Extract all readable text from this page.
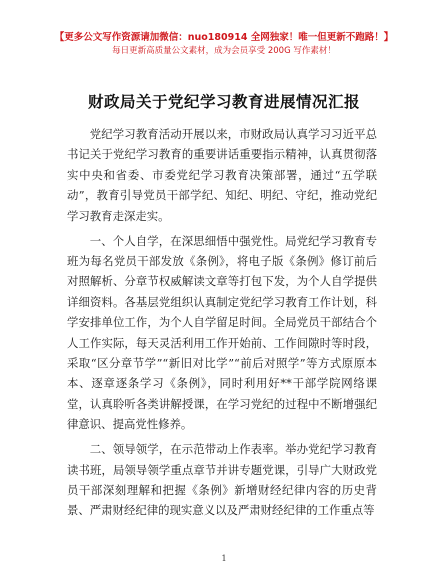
【更多公文写作资源请加微信：nuo180914 全网独家！唯一但更新不跑路！】
每日更新高质量公文素材，成为会员享受 200G 写作素材！
财政局关于党纪学习教育进展情况汇报

党纪学习教育活动开展以来，市财政局认真学习习近平总书记关于党纪学习教育的重要讲话重要指示精神，认真贯彻落实中央和省委、市委党纪学习教育决策部署，通过“五学联动”，教育引导党员干部学纪、知纪、明纪、守纪，推动党纪学习教育走深走实。

一、个人自学，在深思细悟中强党性。局党纪学习教育专班为每名党员干部发放《条例》，将电子版《条例》修订前后对照解析、分章节权威解读文章等打包下发，为个人自学提供详细资料。各基层党组织认真制定党纪学习教育工作计划，科学安排单位工作，为个人自学留足时间。全局党员干部结合个人工作实际，每天灵活利用工作开始前、工作间隙时等时段，采取“区分章节学”“新旧对比学”“前后对照学”等方式原原本本、逐章逐条学习《条例》，同时利用好**干部学院网络课堂，认真聆听各类讲解授课，在学习党纪的过程中不断增强纪律意识、提高党性修养。

二、领导领学，在示范带动上作表率。举办党纪学习教育读书班，局领导领学重点章节并讲专题党课，引导广大财政党员干部深刻理解和把握《条例》新增财经纪律内容的历史背景、严肃财经纪律的现实意义以及严肃财经纪律的工作重点等

1
